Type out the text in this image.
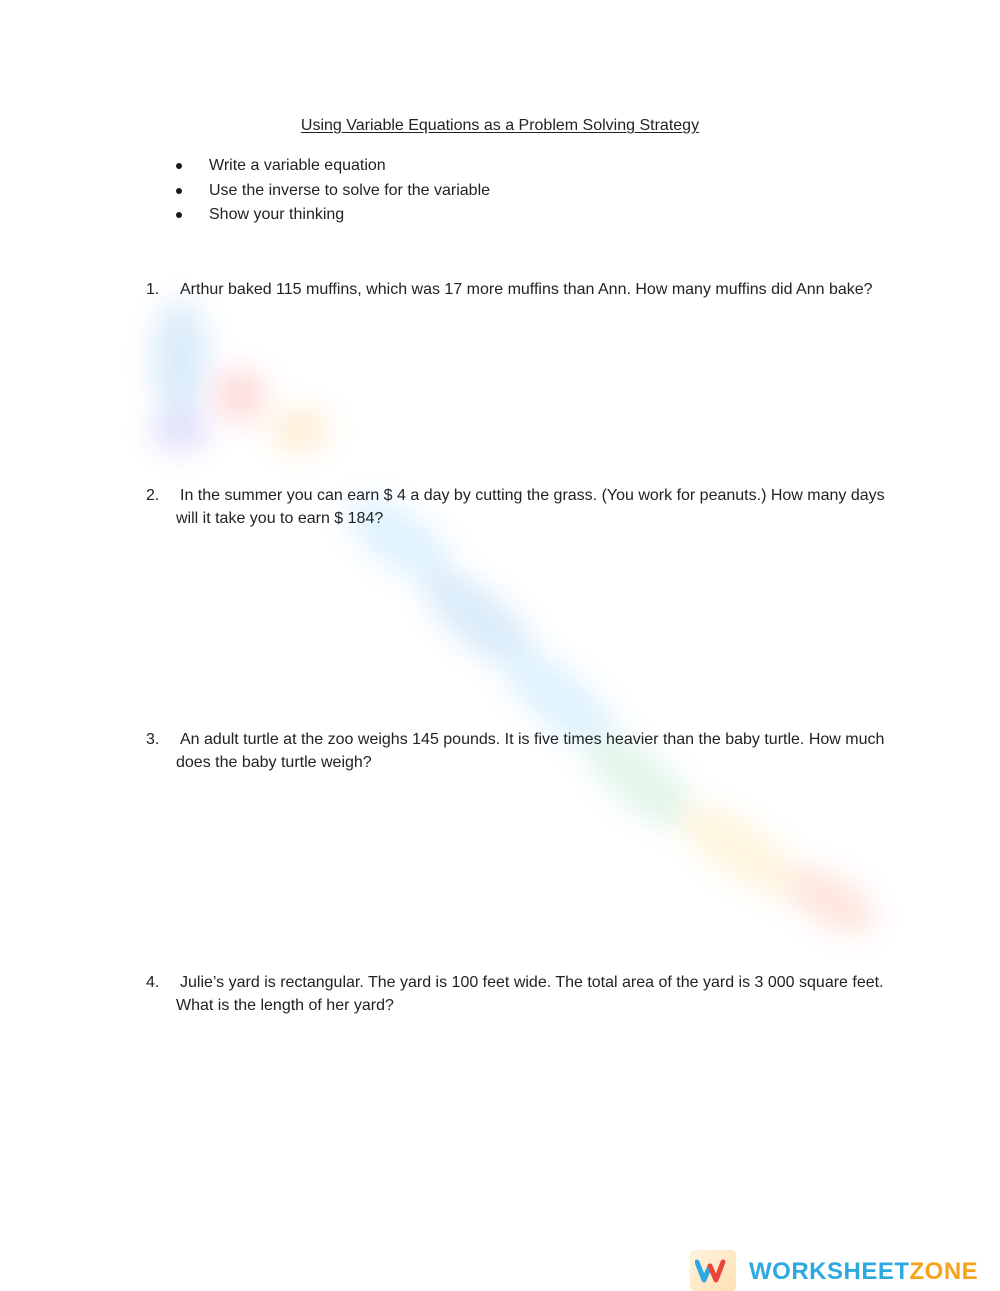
Using Variable Equations as a Problem Solving Strategy
Write a variable equation
Use the inverse to solve for the variable
Show your thinking
1. Arthur baked 115 muffins, which was 17 more muffins than Ann. How many muffins did Ann bake?
2. In the summer you can earn $ 4 a day by cutting the grass. (You work for peanuts.) How many days will it take you to earn $ 184?
3. An adult turtle at the zoo weighs 145 pounds. It is five times heavier than the baby turtle. How much does the baby turtle weigh?
4. Julie’s yard is rectangular. The yard is 100 feet wide. The total area of the yard is 3 000 square feet. What is the length of her yard?
WORKSHEETZONE
